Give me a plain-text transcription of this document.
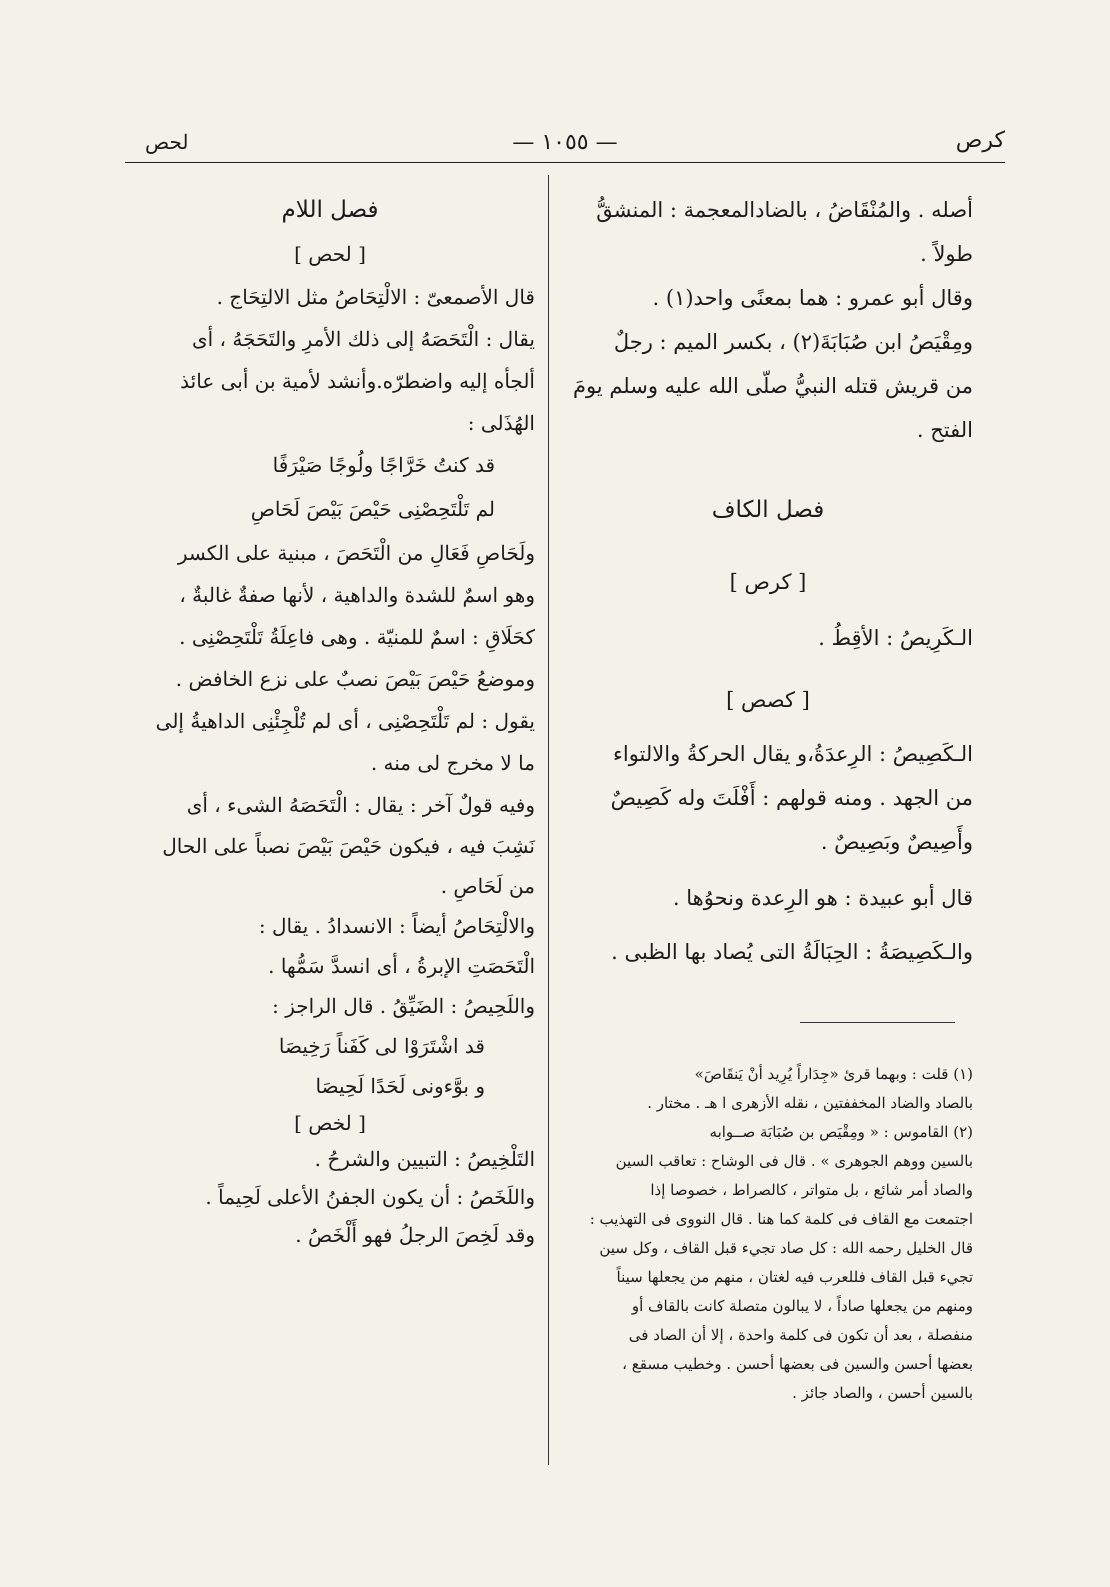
كرص
— ١٠٥٥ —
لحص

أصله . والمُنْقَاضُ ، بالضادالمعجمة : المنشقُّ طولاً .

وقال أبو عمرو : هما بمعنًى واحد(١) .

ومِقْيَصُ ابن صُبَابَةَ(٢) ، بكسر الميم : رجلٌ

من قريش قتله النبيُّ صلّى الله عليه وسلم يومَ الفتح .

فصل الكاف

[ كرص ]

الـكَرِيصُ : الأقِطُ .

[ كصص ]

الـكَصِيصُ : الرِعدَةُ،و يقال الحركةُ والالتواء

من الجهد . ومنه قولهم : أَفْلَتَ وله كَصِيصٌ

وأَصِيصٌ وبَصِيصٌ .

قال أبو عبيدة : هو الرِعدة ونحوُها .

والـكَصِيصَةُ : الحِبَالَةُ التى يُصاد بها الظبى .

(١) قلت : وبهما قرئ «جِدَاراً يُرِيد أنْ يَنقَاصَ»

بالصاد والضاد المخففتين ، نقله الأزهرى ا هـ . مختار .

(٢) القاموس : « ومِقْيَص بن صُبَابَة صــوابه

بالسين ووهم الجوهرى » . قال فى الوشاح : تعاقب السين

والصاد أمر شائع ، بل متواتر ، كالصراط ، خصوصا إذا

اجتمعت مع القاف فى كلمة كما هنا . قال النووى فى التهذيب :

قال الخليل رحمه الله : كل صاد تجيء قبل القاف ، وكل سين

تجيء قبل القاف فللعرب فيه لغتان ، منهم من يجعلها سيناً

ومنهم من يجعلها صاداً ، لا يبالون متصلة كانت بالقاف أو

منفصلة ، بعد أن تكون فى كلمة واحدة ، إلا أن الصاد فى

بعضها أحسن والسين فى بعضها أحسن . وخطيب مسقع ،

بالسين أحسن ، والصاد جائز .

فصل اللام

[ لحص ]

قال الأصمعىّ : الالْتِحَاصُ مثل الالتِحَاج .

يقال : الْتَحَصَهُ إلى ذلك الأمرِ والتَحَجَهُ ، أى

ألجأه إليه واضطرّه.وأنشد لأمية بن أبى عائذ الهُذَلى :

قد كنتُ خَرَّاجًا ولُوجًا صَيْرَفًا

لم تَلْتَحِصْنِى حَيْصَ بَيْصَ لَحَاصِ

ولَحَاصِ فَعَالِ من الْتَحَصَ ، مبنية على الكسر

وهو اسمٌ للشدة والداهية ، لأنها صفةٌ غالبةٌ ،

كحَلَاقِ : اسمٌ للمنيّة . وهى فاعِلَةُ تَلْتَحِصْنِى .

وموضعُ حَيْصَ بَيْصَ نصبٌ على نزع الخافض .

يقول : لم تَلْتَحِصْنِى ، أى لم تُلْجِئْنِى الداهيةُ إلى

ما لا مخرج لى منه .

وفيه قولٌ آخر : يقال : الْتَحَصَهُ الشىء ، أى

نَشِبَ فيه ، فيكون حَيْصَ بَيْصَ نصباً على الحال

من لَحَاصِ .

والالْتِحَاصُ أيضاً : الانسدادُ . يقال :

الْتَحَصَتِ الإبرةُ ، أى انسدَّ سَمُّها .

واللَحِيصُ : الضَيِّقُ . قال الراجز :

قد اشْتَرَوْا لى كَفَناً رَخِيصَا

و بوَّءونى لَحَدًا لَحِيصَا

[ لخص ]

التَلْخِيصُ : التبيين والشرحُ .

واللَخَصُ : أن يكون الجفنُ الأعلى لَحِيماً .

وقد لَخِصَ الرجلُ فهو أَلْخَصُ .
